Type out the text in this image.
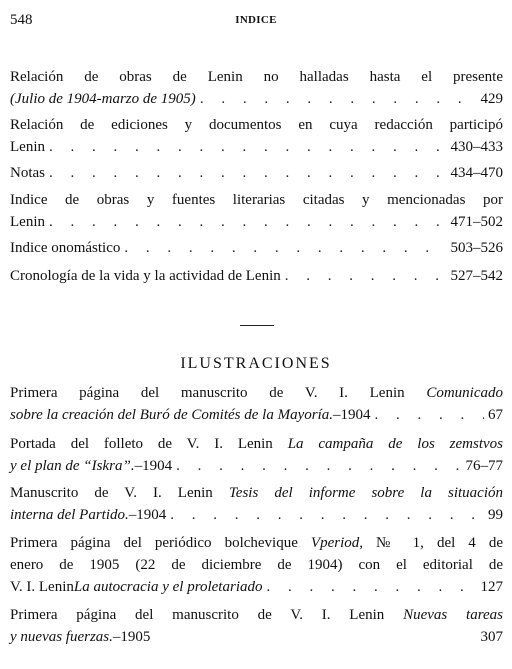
548	INDICE
Relación de obras de Lenin no halladas hasta el presente
(Julio de 1904-marzo de 1905) . . .	429
Relación de ediciones y documentos en cuya redacción participó
Lenin . . .	430–433
Notas . . .	434–470
Indice de obras y fuentes literarias citadas y mencionadas por
Lenin . . .	471–502
Indice onomástico . . .	503–526
Cronología de la vida y la actividad de Lenin . . .	527–542
ILUSTRACIONES
Primera página del manuscrito de V. I. Lenin Comunicado
sobre la creación del Buró de Comités de la Mayoría. –1904 . . .	67
Portada del folleto de V. I. Lenin La campaña de los zemstvos
y el plan de “Iskra”. –1904 . . .	76–77
Manuscrito de V. I. Lenin Tesis del informe sobre la situación
interna del Partido. –1904 . . .	99
Primera página del periódico bolchevique Vperiod, № 1, del 4 de
enero de 1905 (22 de diciembre de 1904) con el editorial de
V. I. Lenin La autocracia y el proletariado . . .	127
Primera página del manuscrito de V. I. Lenin Nuevas tareas
y nuevas fuerzas. –1905	307
